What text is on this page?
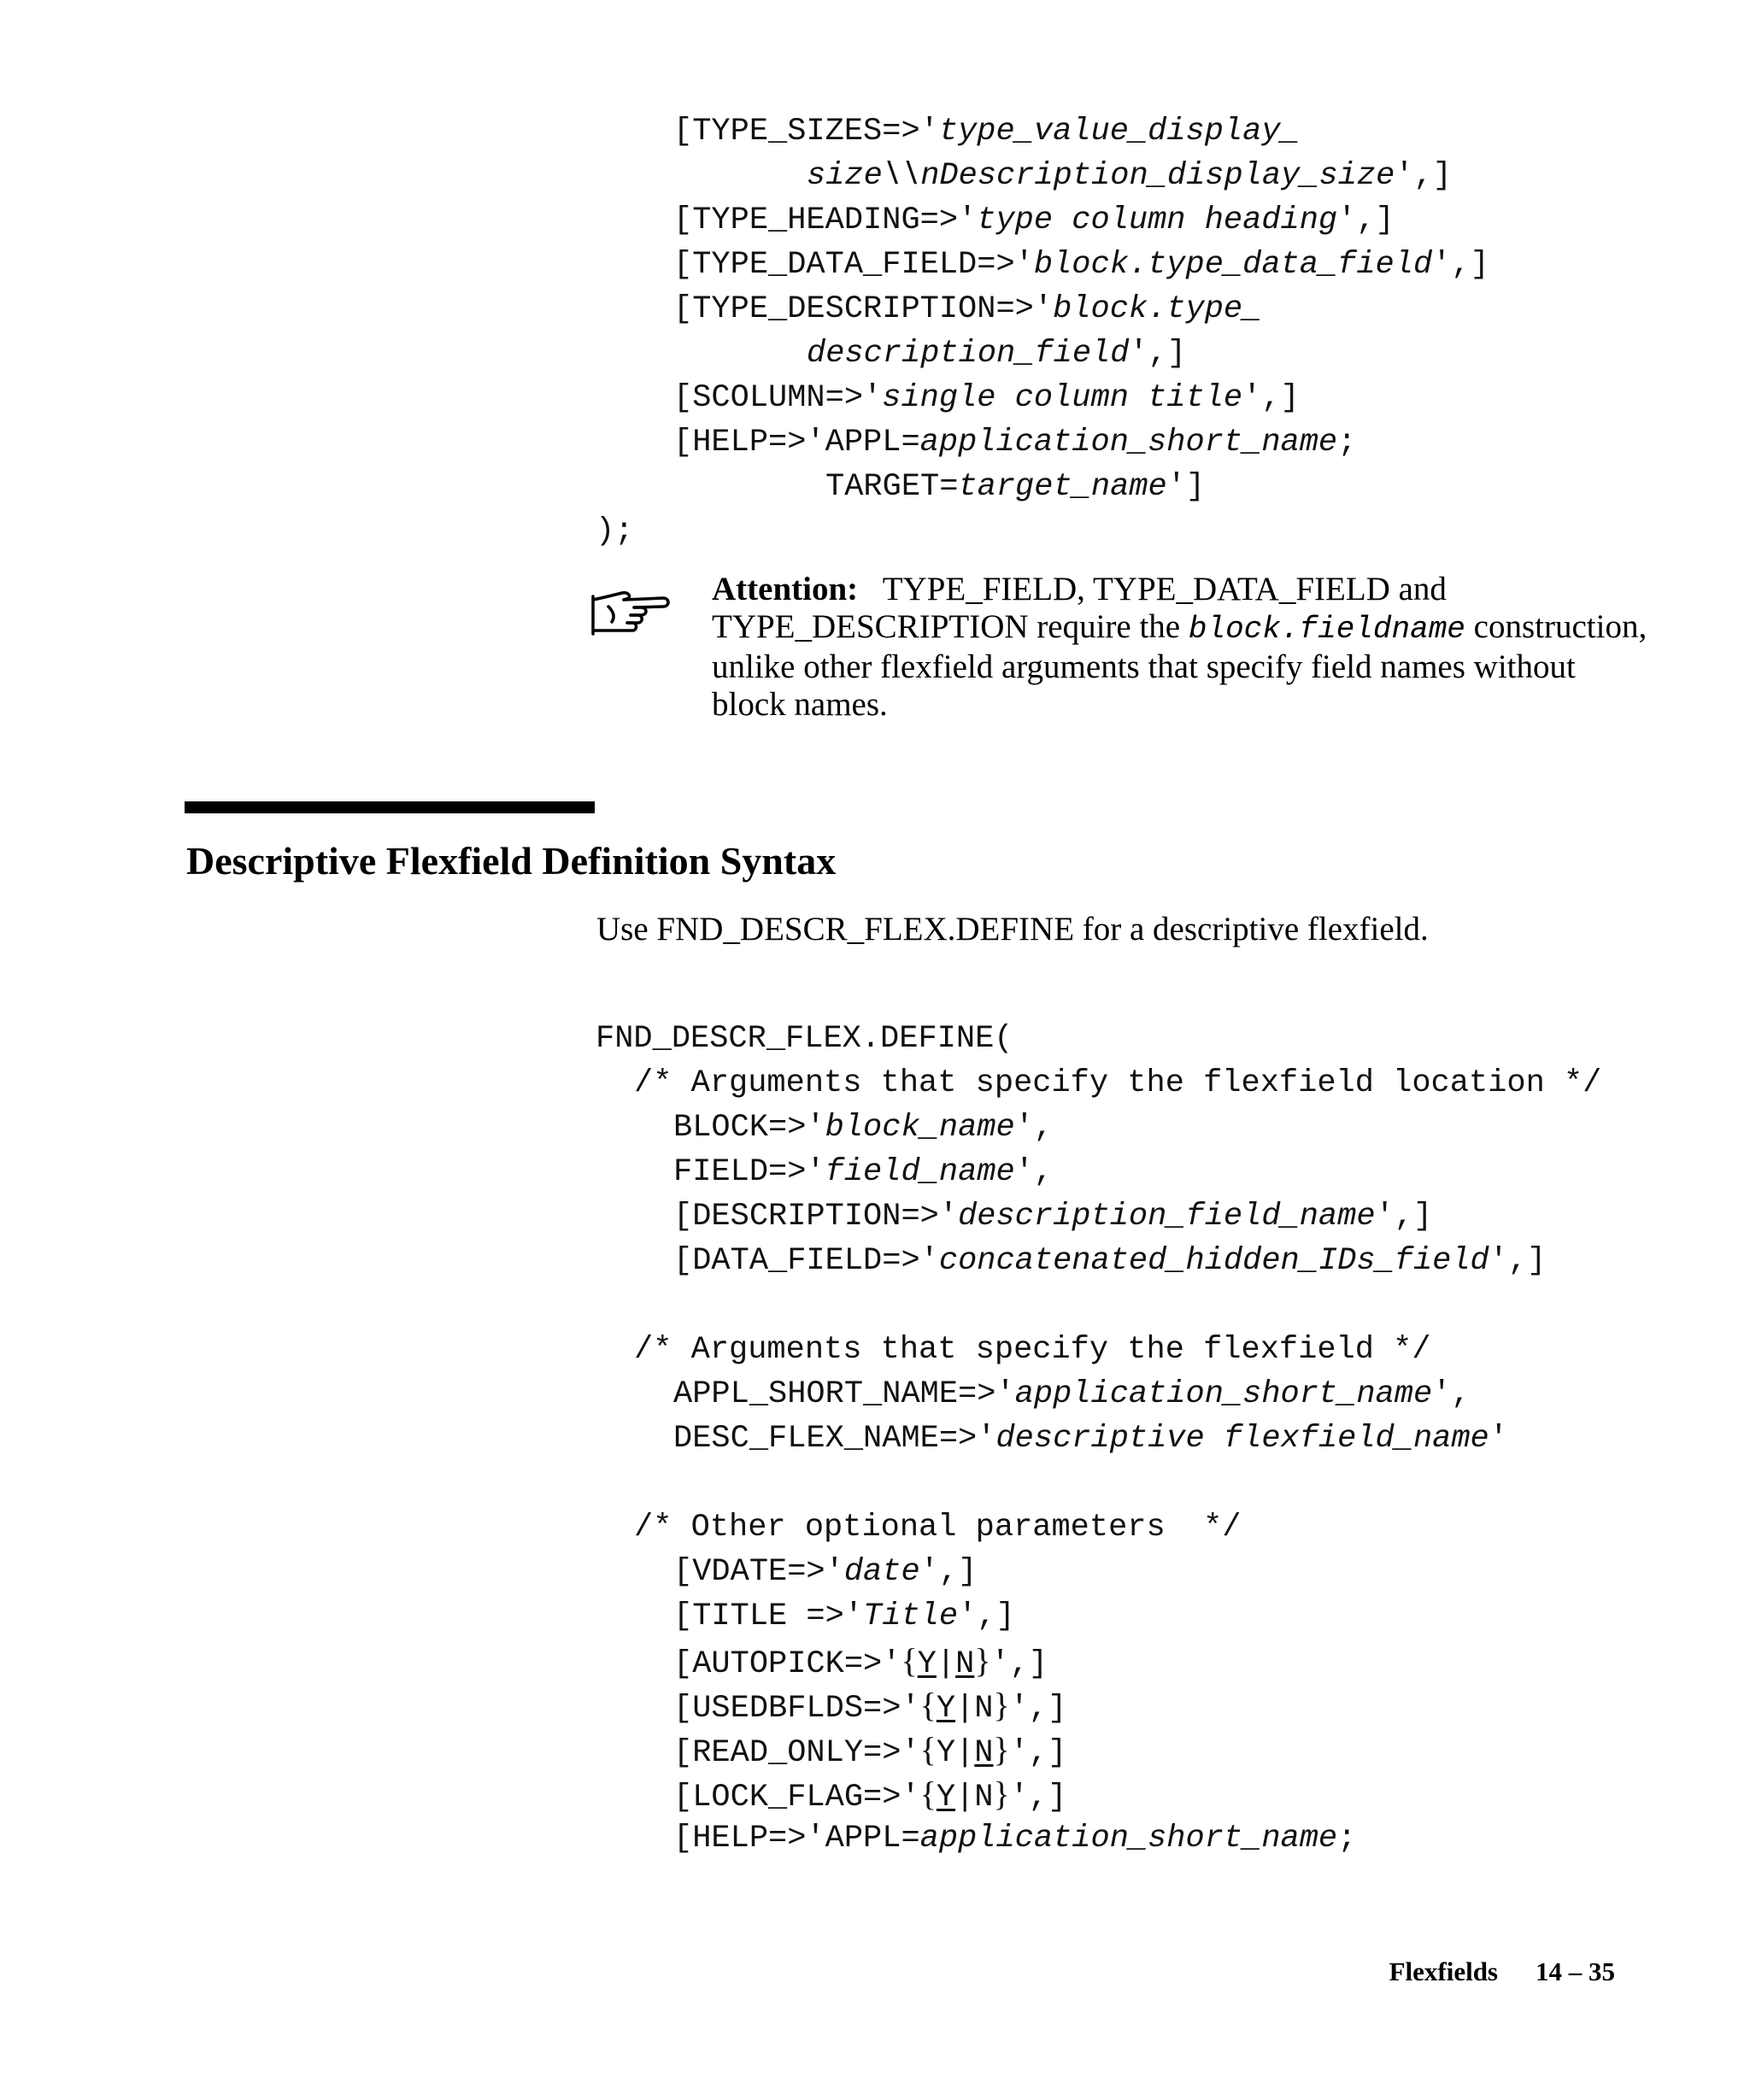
[TYPE_SIZES=>'type_value_display_

size\\nDescription_display_size',]

[TYPE_HEADING=>'type column heading',]

[TYPE_DATA_FIELD=>'block.type_data_field',]

[TYPE_DESCRIPTION=>'block.type_

description_field',]

[SCOLUMN=>'single column title',]

[HELP=>'APPL=application_short_name;

TARGET=target_name']

);

Attention: TYPE_FIELD, TYPE_DATA_FIELD and TYPE_DESCRIPTION require the block.fieldname construction, unlike other flexfield arguments that specify field names without block names.
Descriptive Flexfield Definition Syntax
Use FND_DESCR_FLEX.DEFINE for a descriptive flexfield.

FND_DESCR_FLEX.DEFINE(

/* Arguments that specify the flexfield location */

BLOCK=>'block_name',

FIELD=>'field_name',

[DESCRIPTION=>'description_field_name',]

[DATA_FIELD=>'concatenated_hidden_IDs_field',]

/* Arguments that specify the flexfield */

APPL_SHORT_NAME=>'application_short_name',

DESC_FLEX_NAME=>'descriptive flexfield_name'

/* Other optional parameters  */

[VDATE=>'date',]

[TITLE =>'Title',]

[AUTOPICK=>'{Y|N}',]

[USEDBFLDS=>'{Y|N}',]

[READ_ONLY=>'{Y|N}',]

[LOCK_FLAG=>'{Y|N}',]

[HELP=>'APPL=application_short_name;

Flexfields 14 – 35
